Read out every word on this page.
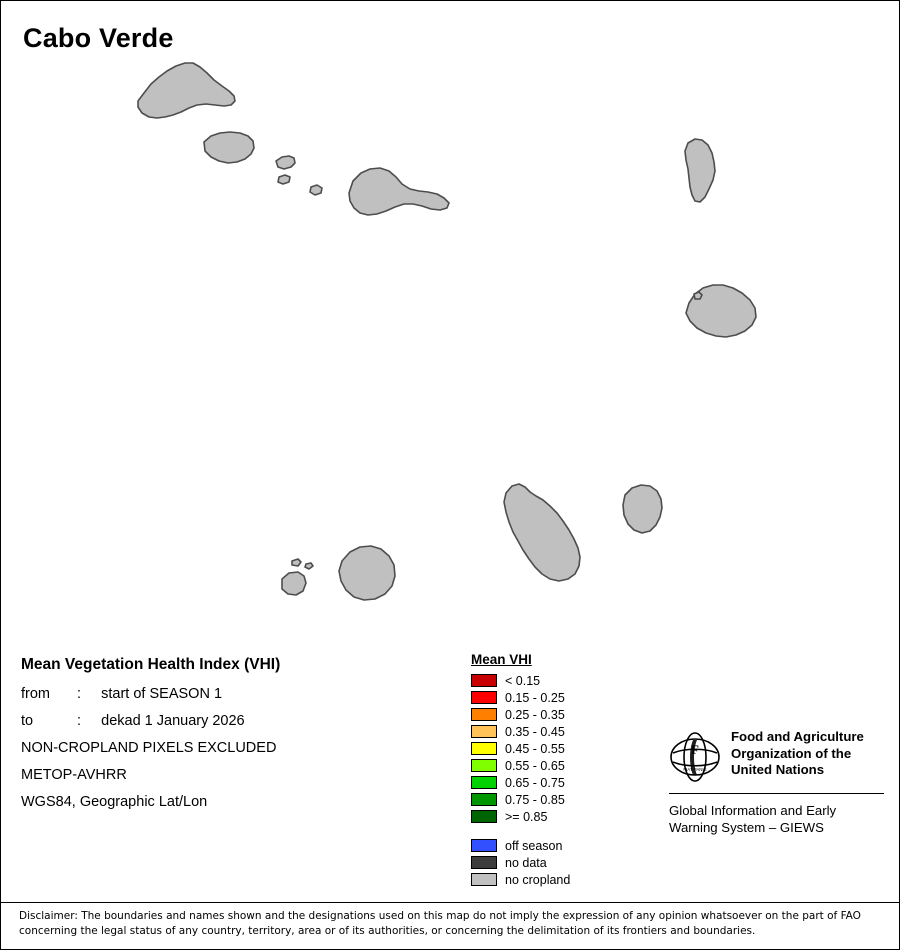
Cabo Verde
Mean Vegetation Health Index (VHI)
from : start of SEASON 1
to	: dekad 1 January 2026
NON-CROPLAND PIXELS EXCLUDED
METOP-AVHRR
WGS84, Geographic Lat/Lon
Mean VHI
< 0.15
0.15 - 0.25
0.25 - 0.35
0.35 - 0.45
0.45 - 0.55
0.55 - 0.65
0.65 - 0.75
0.75 - 0.85
>= 0.85
off season
no data
no cropland
F
FIAT PANIS
Food and Agriculture
Organization of the
United Nations
Global Information and Early
Warning System – GIEWS
Disclaimer: The boundaries and names shown and the designations used on this map do not imply the expression of any opinion whatsoever on the part of FAO concerning the legal status of any country, territory, area or of its authorities, or concerning the delimitation of its frontiers and boundaries.
